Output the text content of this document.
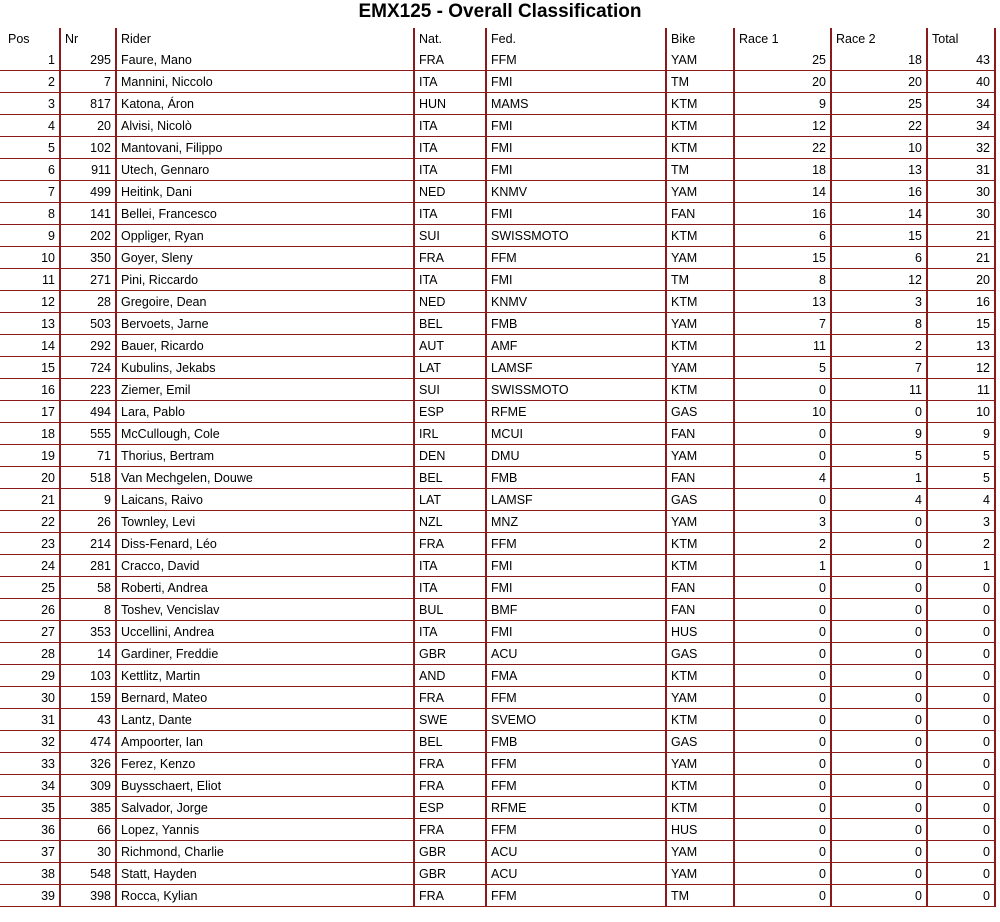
EMX125 - Overall Classification
Pos	Nr	Rider	Nat.	Fed.	Bike	Race 1	Race 2	Total
1	295	Faure, Mano	FRA	FFM	YAM	25	18	43
2	7	Mannini, Niccolo	ITA	FMI	TM	20	20	40
3	817	Katona, Áron	HUN	MAMS	KTM	9	25	34
4	20	Alvisi, Nicolò	ITA	FMI	KTM	12	22	34
5	102	Mantovani, Filippo	ITA	FMI	KTM	22	10	32
6	911	Utech, Gennaro	ITA	FMI	TM	18	13	31
7	499	Heitink, Dani	NED	KNMV	YAM	14	16	30
8	141	Bellei, Francesco	ITA	FMI	FAN	16	14	30
9	202	Oppliger, Ryan	SUI	SWISSMOTO	KTM	6	15	21
10	350	Goyer, Sleny	FRA	FFM	YAM	15	6	21
11	271	Pini, Riccardo	ITA	FMI	TM	8	12	20
12	28	Gregoire, Dean	NED	KNMV	KTM	13	3	16
13	503	Bervoets, Jarne	BEL	FMB	YAM	7	8	15
14	292	Bauer, Ricardo	AUT	AMF	KTM	11	2	13
15	724	Kubulins, Jekabs	LAT	LAMSF	YAM	5	7	12
16	223	Ziemer, Emil	SUI	SWISSMOTO	KTM	0	11	11
17	494	Lara, Pablo	ESP	RFME	GAS	10	0	10
18	555	McCullough, Cole	IRL	MCUI	FAN	0	9	9
19	71	Thorius, Bertram	DEN	DMU	YAM	0	5	5
20	518	Van Mechgelen, Douwe	BEL	FMB	FAN	4	1	5
21	9	Laicans, Raivo	LAT	LAMSF	GAS	0	4	4
22	26	Townley, Levi	NZL	MNZ	YAM	3	0	3
23	214	Diss-Fenard, Léo	FRA	FFM	KTM	2	0	2
24	281	Cracco, David	ITA	FMI	KTM	1	0	1
25	58	Roberti, Andrea	ITA	FMI	FAN	0	0	0
26	8	Toshev, Vencislav	BUL	BMF	FAN	0	0	0
27	353	Uccellini, Andrea	ITA	FMI	HUS	0	0	0
28	14	Gardiner, Freddie	GBR	ACU	GAS	0	0	0
29	103	Kettlitz, Martin	AND	FMA	KTM	0	0	0
30	159	Bernard, Mateo	FRA	FFM	YAM	0	0	0
31	43	Lantz, Dante	SWE	SVEMO	KTM	0	0	0
32	474	Ampoorter, Ian	BEL	FMB	GAS	0	0	0
33	326	Ferez, Kenzo	FRA	FFM	YAM	0	0	0
34	309	Buysschaert, Eliot	FRA	FFM	KTM	0	0	0
35	385	Salvador, Jorge	ESP	RFME	KTM	0	0	0
36	66	Lopez, Yannis	FRA	FFM	HUS	0	0	0
37	30	Richmond, Charlie	GBR	ACU	YAM	0	0	0
38	548	Statt, Hayden	GBR	ACU	YAM	0	0	0
39	398	Rocca, Kylian	FRA	FFM	TM	0	0	0
